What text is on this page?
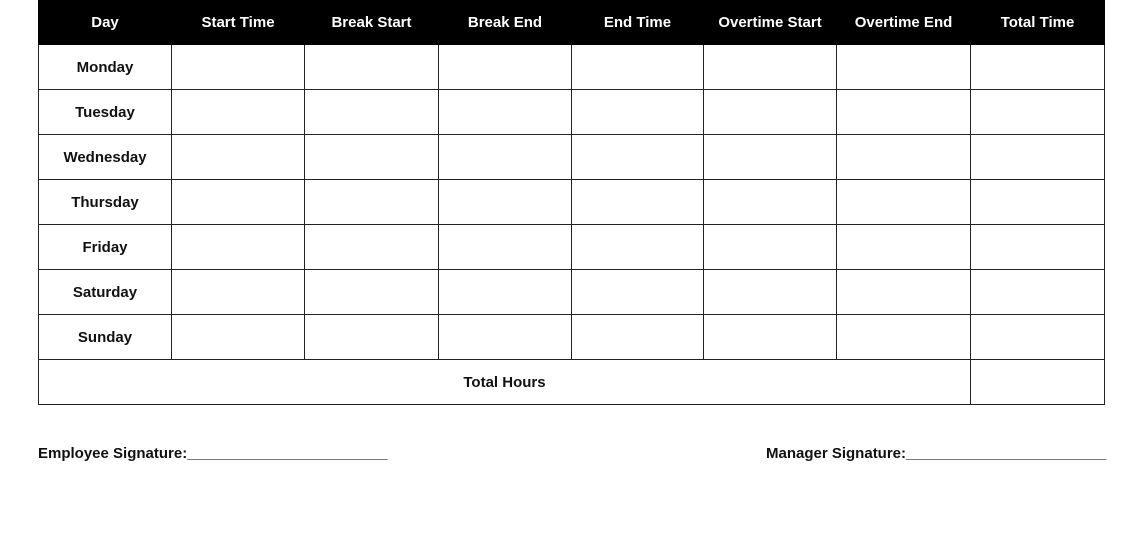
Day	Start Time	Break Start	Break End	End Time	Overtime Start	Overtime End	Total Time
Monday							
Tuesday							
Wednesday							
Thursday							
Friday							
Saturday							
Sunday							
Total Hours							
Employee Signature:________________________	Manager Signature:________________________
